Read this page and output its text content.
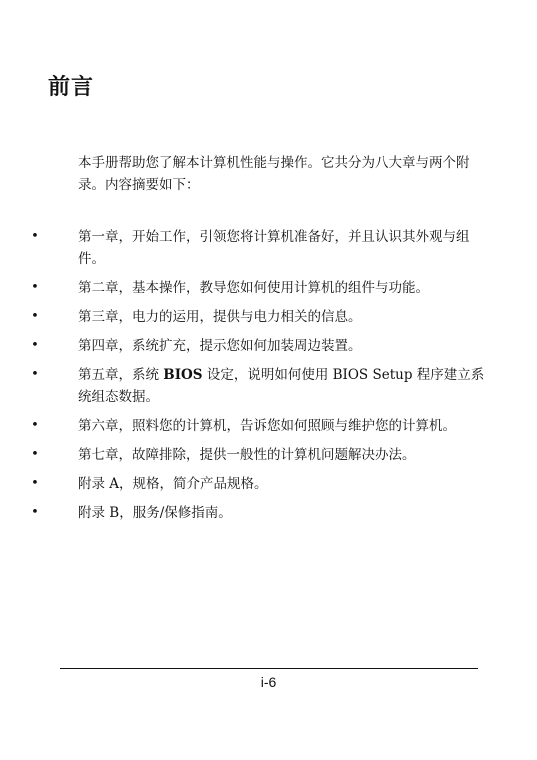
前言
本手册帮助您了解本计算机性能与操作。它共分为八大章与两个附录。内容摘要如下：
•	第一章，开始工作，引领您将计算机准备好，并且认识其外观与组件。
•	第二章，基本操作，教导您如何使用计算机的组件与功能。
•	第三章，电力的运用，提供与电力相关的信息。
•	第四章，系统扩充，提示您如何加装周边装置。
•	第五章，系统 BIOS 设定，说明如何使用 BIOS Setup 程序建立系统组态数据。
•	第六章，照料您的计算机，告诉您如何照顾与维护您的计算机。
•	第七章，故障排除，提供一般性的计算机问题解决办法。
•	附录 A，规格，简介产品规格。
•	附录 B，服务/保修指南。
i-6
